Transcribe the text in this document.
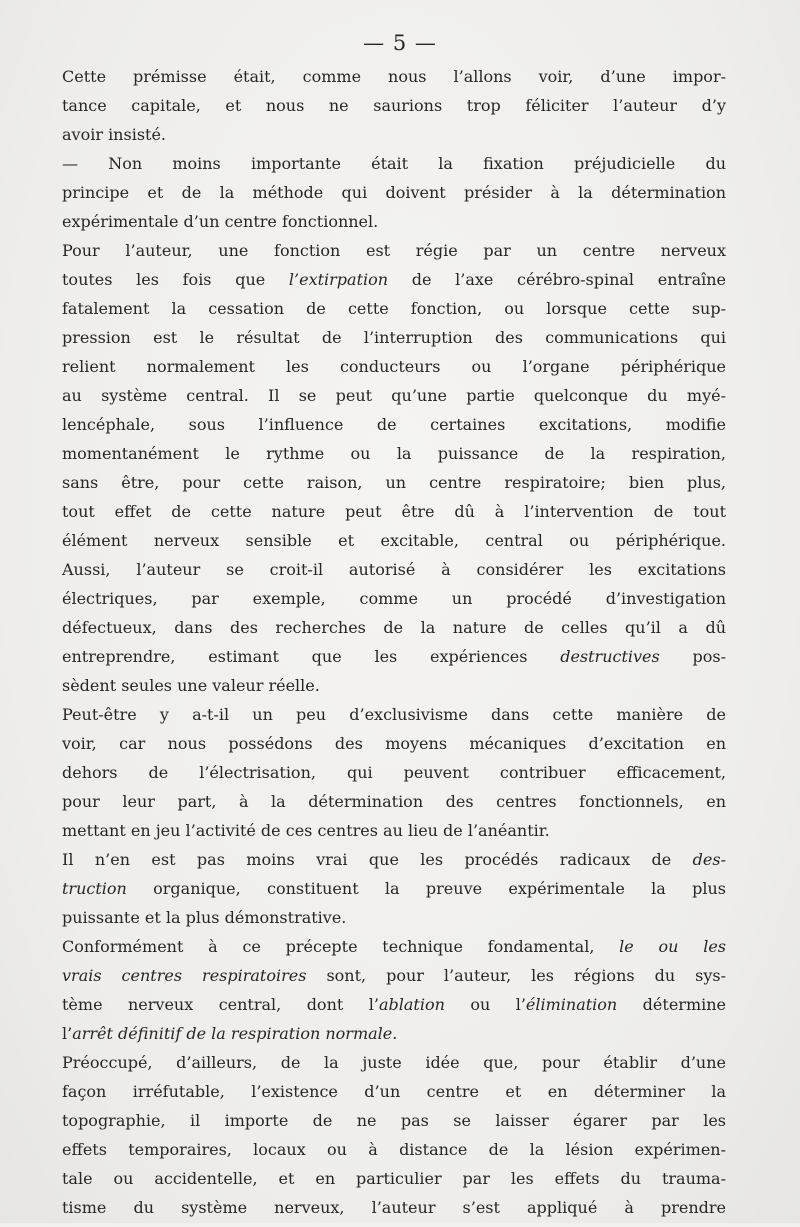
— 5 —
Cette prémisse était, comme nous l’allons voir, d’une impor-
tance capitale, et nous ne saurions trop féliciter l’auteur d’y
avoir insisté.
— Non moins importante était la fixation préjudicielle du
principe et de la méthode qui doivent présider à la détermination
expérimentale d’un centre fonctionnel.
Pour l’auteur, une fonction est régie par un centre nerveux
toutes les fois que l’extirpation de l’axe cérébro-spinal entraîne
fatalement la cessation de cette fonction, ou lorsque cette sup-
pression est le résultat de l’interruption des communications qui
relient normalement les conducteurs ou l’organe périphérique
au système central. Il se peut qu’une partie quelconque du myé-
lencéphale, sous l’influence de certaines excitations, modifie
momentanément le rythme ou la puissance de la respiration,
sans être, pour cette raison, un centre respiratoire; bien plus,
tout effet de cette nature peut être dû à l’intervention de tout
élément nerveux sensible et excitable, central ou périphérique.
Aussi, l’auteur se croit-il autorisé à considérer les excitations
électriques, par exemple, comme un procédé d’investigation
défectueux, dans des recherches de la nature de celles qu’il a dû
entreprendre, estimant que les expériences destructives pos-
sèdent seules une valeur réelle.
Peut-être y a-t-il un peu d’exclusivisme dans cette manière de
voir, car nous possédons des moyens mécaniques d’excitation en
dehors de l’électrisation, qui peuvent contribuer efficacement,
pour leur part, à la détermination des centres fonctionnels, en
mettant en jeu l’activité de ces centres au lieu de l’anéantir.
Il n’en est pas moins vrai que les procédés radicaux de des-
truction organique, constituent la preuve expérimentale la plus
puissante et la plus démonstrative.
Conformément à ce précepte technique fondamental, le ou les
vrais centres respiratoires sont, pour l’auteur, les régions du sys-
tème nerveux central, dont l’ablation ou l’élimination détermine
l’arrêt définitif de la respiration normale.
Préoccupé, d’ailleurs, de la juste idée que, pour établir d’une
façon irréfutable, l’existence d’un centre et en déterminer la
topographie, il importe de ne pas se laisser égarer par les
effets temporaires, locaux ou à distance de la lésion expérimen-
tale ou accidentelle, et en particulier par les effets du trauma-
tisme du système nerveux, l’auteur s’est appliqué à prendre
